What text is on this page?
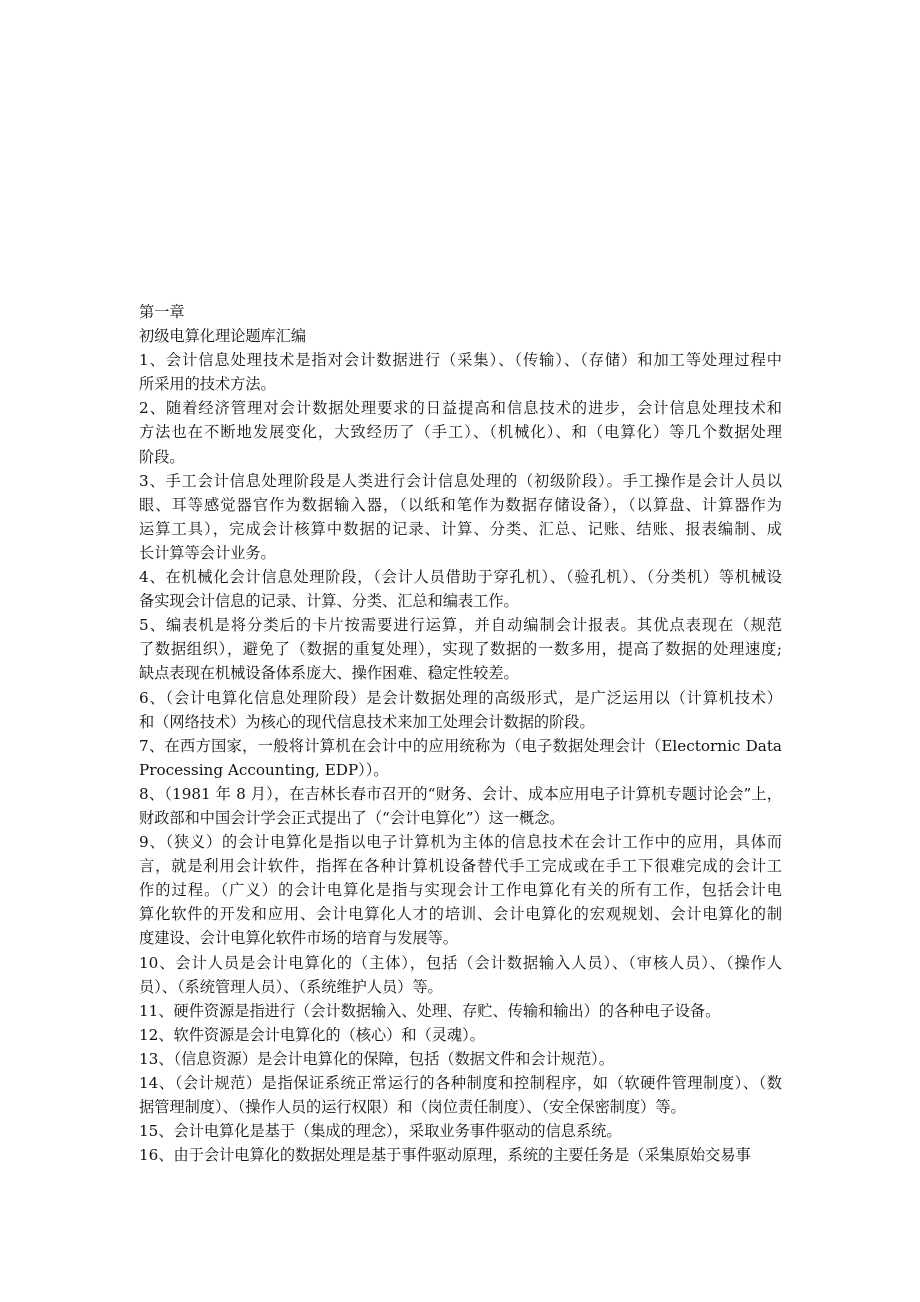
第一章
初级电算化理论题库汇编
1、会计信息处理技术是指对会计数据进行（采集）、（传输）、（存储）和加工等处理过程中
所采用的技术方法。
2、随着经济管理对会计数据处理要求的日益提高和信息技术的进步，会计信息处理技术和
方法也在不断地发展变化，大致经历了（手工）、（机械化）、和（电算化）等几个数据处理
阶段。
3、手工会计信息处理阶段是人类进行会计信息处理的（初级阶段）。手工操作是会计人员以
眼、耳等感觉器官作为数据输入器，（以纸和笔作为数据存储设备），（以算盘、计算器作为
运算工具），完成会计核算中数据的记录、计算、分类、汇总、记账、结账、报表编制、成
长计算等会计业务。
4、在机械化会计信息处理阶段，（会计人员借助于穿孔机）、（验孔机）、（分类机）等机械设
备实现会计信息的记录、计算、分类、汇总和编表工作。
5、编表机是将分类后的卡片按需要进行运算，并自动编制会计报表。其优点表现在（规范
了数据组织），避免了（数据的重复处理），实现了数据的一数多用，提高了数据的处理速度;
缺点表现在机械设备体系庞大、操作困难、稳定性较差。
6、（会计电算化信息处理阶段）是会计数据处理的高级形式，是广泛运用以（计算机技术）
和（网络技术）为核心的现代信息技术来加工处理会计数据的阶段。
7、在西方国家，一般将计算机在会计中的应用统称为（电子数据处理会计（Electornic Data
Processing Accounting, EDP））。
8、（1981 年 8 月），在吉林长春市召开的“财务、会计、成本应用电子计算机专题讨论会”上，
财政部和中国会计学会正式提出了（“会计电算化”）这一概念。
9、（狭义）的会计电算化是指以电子计算机为主体的信息技术在会计工作中的应用，具体而
言，就是利用会计软件，指挥在各种计算机设备替代手工完成或在手工下很难完成的会计工
作的过程。（广义）的会计电算化是指与实现会计工作电算化有关的所有工作，包括会计电
算化软件的开发和应用、会计电算化人才的培训、会计电算化的宏观规划、会计电算化的制
度建设、会计电算化软件市场的培育与发展等。
10、会计人员是会计电算化的（主体），包括（会计数据输入人员）、（审核人员）、（操作人
员）、（系统管理人员）、（系统维护人员）等。
11、硬件资源是指进行（会计数据输入、处理、存贮、传输和输出）的各种电子设备。
12、软件资源是会计电算化的（核心）和（灵魂）。
13、（信息资源）是会计电算化的保障，包括（数据文件和会计规范）。
14、（会计规范）是指保证系统正常运行的各种制度和控制程序，如（软硬件管理制度）、（数
据管理制度）、（操作人员的运行权限）和（岗位责任制度）、（安全保密制度）等。
15、会计电算化是基于（集成的理念），采取业务事件驱动的信息系统。
16、由于会计电算化的数据处理是基于事件驱动原理，系统的主要任务是（采集原始交易事
